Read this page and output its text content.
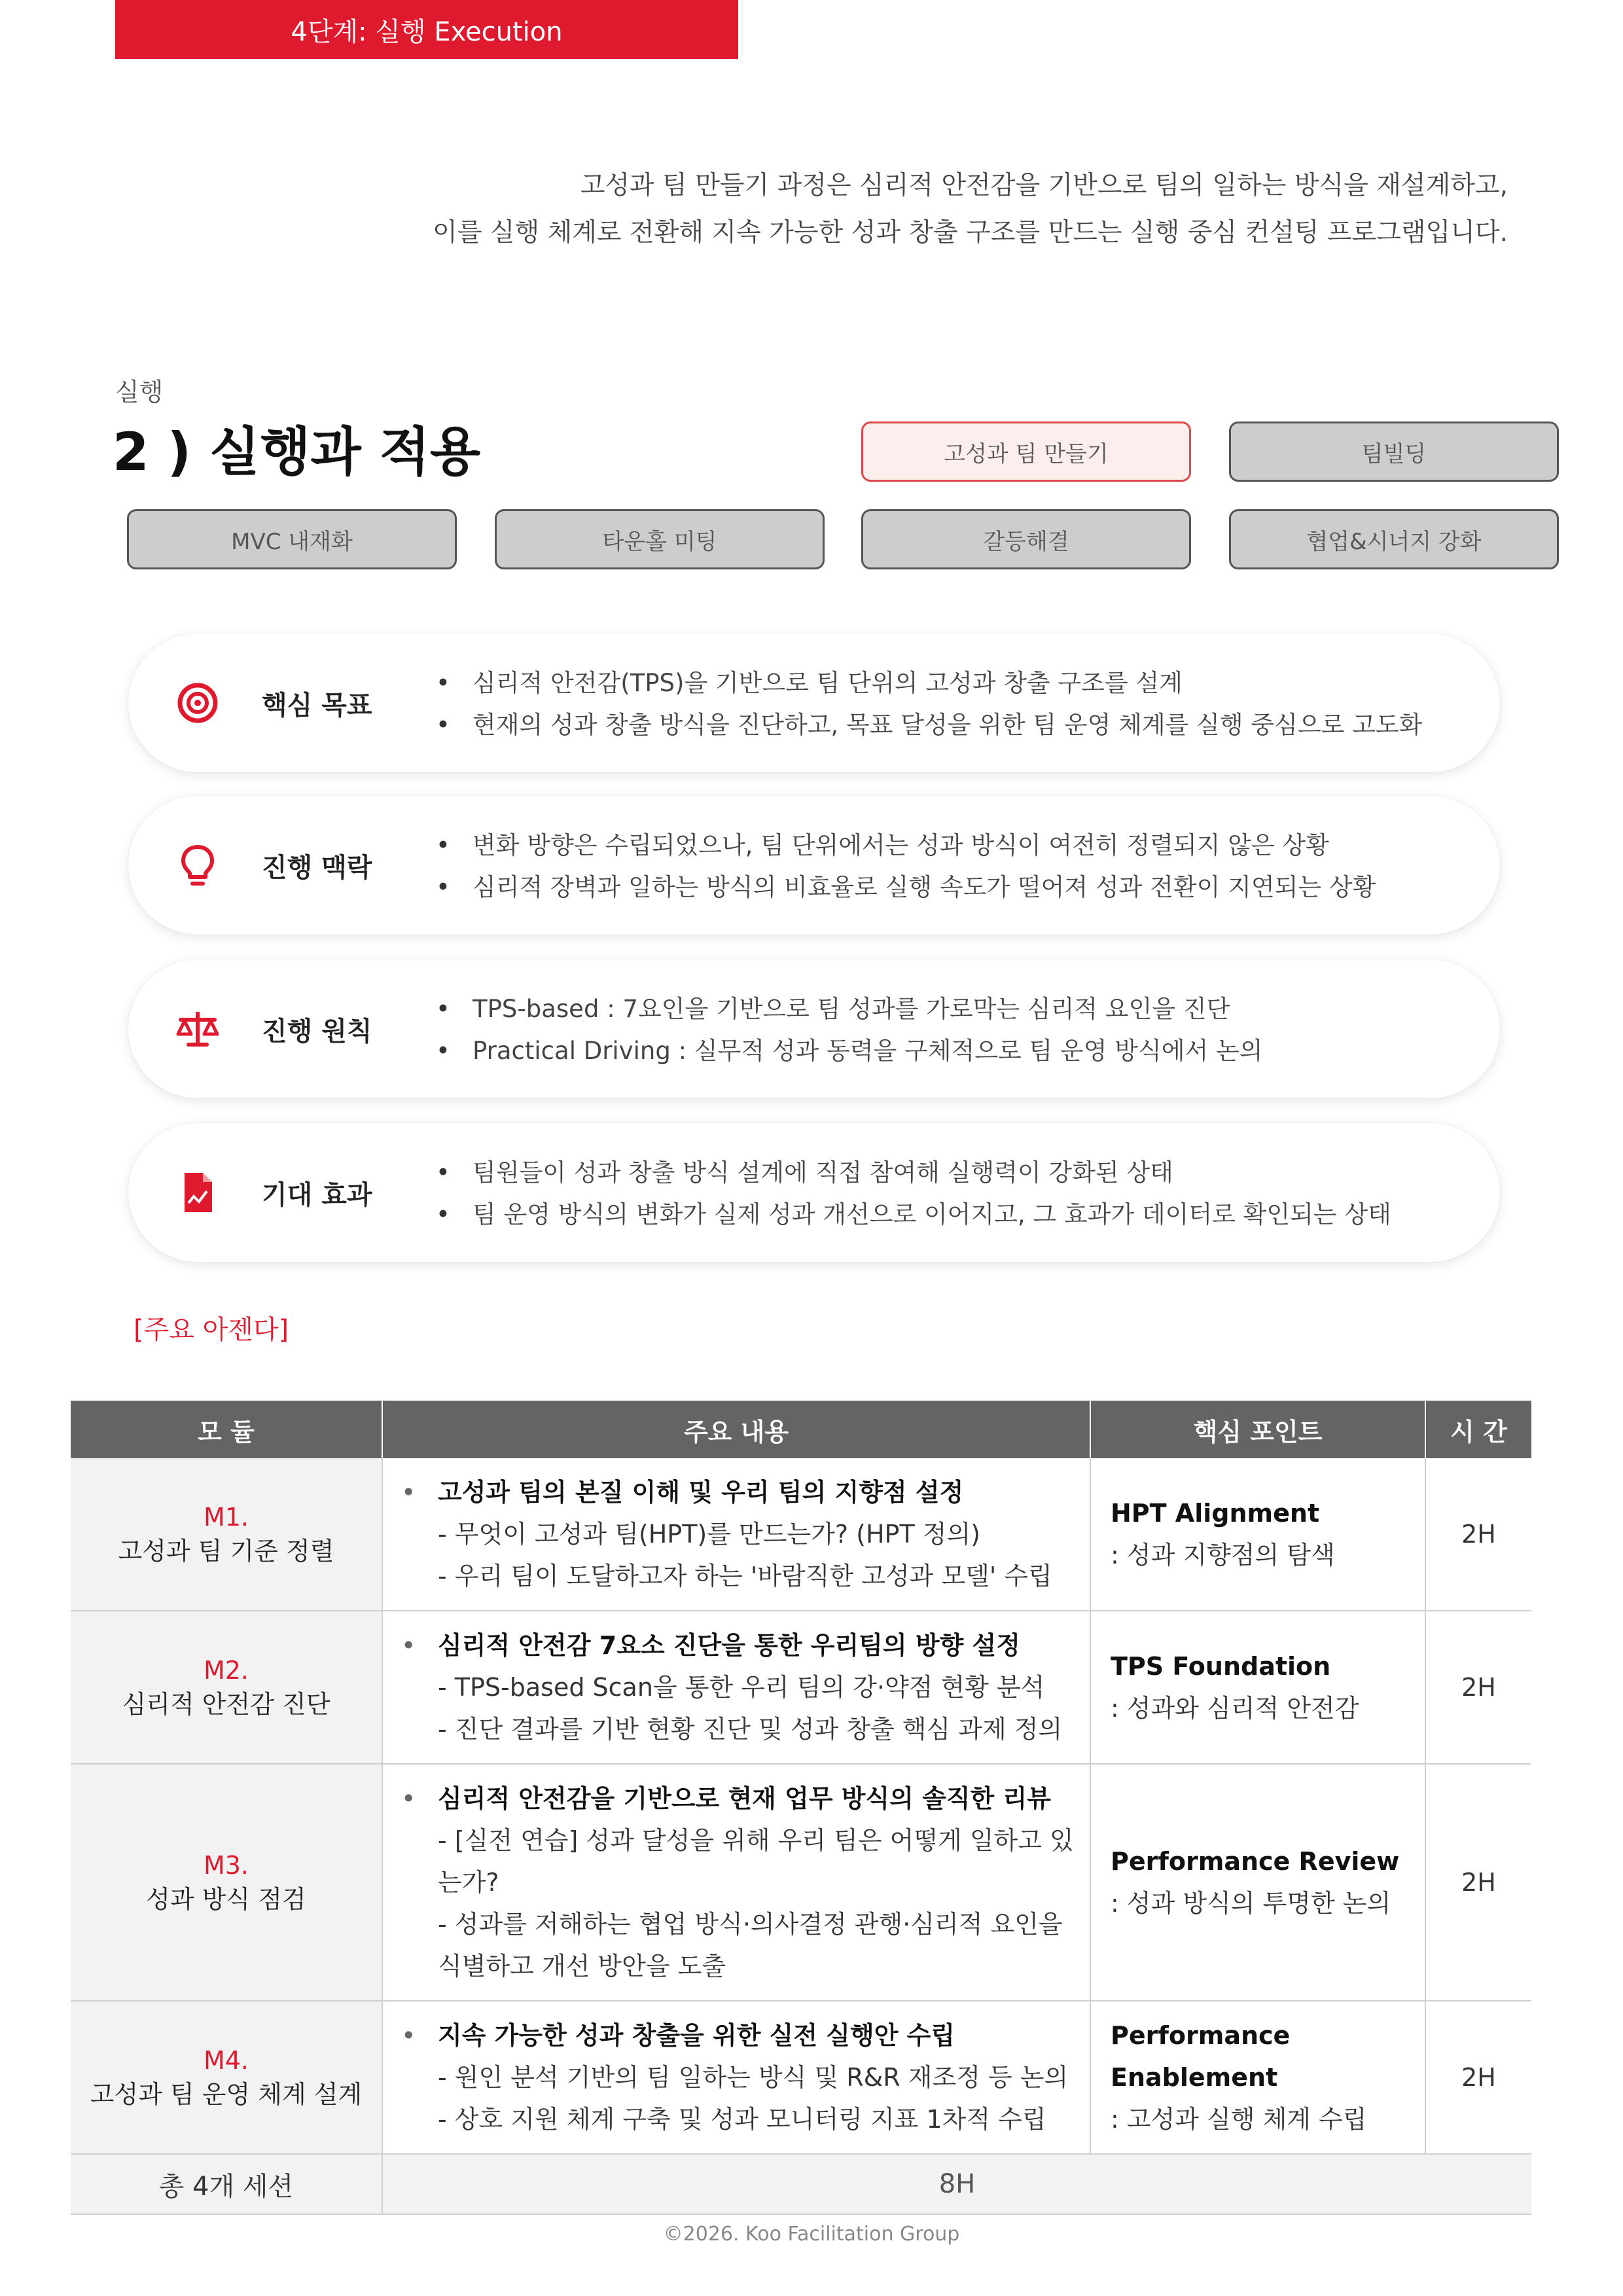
4단계: 실행 Execution
고성과 팀 만들기 과정은 심리적 안전감을 기반으로 팀의 일하는 방식을 재설계하고,
이를 실행 체계로 전환해 지속 가능한 성과 창출 구조를 만드는 실행 중심 컨설팅 프로그램입니다.
실행
2 ) 실행과 적용	고성과 팀 만들기	팀빌딩
MVC 내재화	타운홀 미팅	갈등해결	협업&시너지 강화
핵심 목표
• 심리적 안전감(TPS)을 기반으로 팀 단위의 고성과 창출 구조를 설계
• 현재의 성과 창출 방식을 진단하고, 목표 달성을 위한 팀 운영 체계를 실행 중심으로 고도화
진행 맥락
• 변화 방향은 수립되었으나, 팀 단위에서는 성과 방식이 여전히 정렬되지 않은 상황
• 심리적 장벽과 일하는 방식의 비효율로 실행 속도가 떨어져 성과 전환이 지연되는 상황
진행 원칙
• TPS-based : 7요인을 기반으로 팀 성과를 가로막는 심리적 요인을 진단
• Practical Driving : 실무적 성과 동력을 구체적으로 팀 운영 방식에서 논의
기대 효과
• 팀원들이 성과 창출 방식 설계에 직접 참여해 실행력이 강화된 상태
• 팀 운영 방식의 변화가 실제 성과 개선으로 이어지고, 그 효과가 데이터로 확인되는 상태
[주요 아젠다]
모 듈	주요 내용	핵심 포인트	시 간

M1.
고성과 팀 기준 정렬	• 고성과 팀의 본질 이해 및 우리 팀의 지향점 설정
- 무엇이 고성과 팀(HPT)를 만드는가? (HPT 정의)
- 우리 팀이 도달하고자 하는 '바람직한 고성과 모델' 수립	HPT Alignment
: 성과 지향점의 탐색	2H

M2.
심리적 안전감 진단	• 심리적 안전감 7요소 진단을 통한 우리팀의 방향 설정
- TPS-based Scan을 통한 우리 팀의 강·약점 현황 분석
- 진단 결과를 기반 현황 진단 및 성과 창출 핵심 과제 정의	TPS Foundation
: 성과와 심리적 안전감	2H

M3.
성과 방식 점검	• 심리적 안전감을 기반으로 현재 업무 방식의 솔직한 리뷰
- [실전 연습] 성과 달성을 위해 우리 팀은 어떻게 일하고 있는가?
- 성과를 저해하는 협업 방식·의사결정 관행·심리적 요인을
식별하고 개선 방안을 도출	Performance Review
: 성과 방식의 투명한 논의	2H

M4.
고성과 팀 운영 체계 설계	• 지속 가능한 성과 창출을 위한 실전 실행안 수립
- 원인 분석 기반의 팀 일하는 방식 및 R&R 재조정 등 논의
- 상호 지원 체계 구축 및 성과 모니터링 지표 1차적 수립	Performance Enablement
: 고성과 실행 체계 수립	2H
총 4개 세션	8H		
©2026. Koo Facilitation Group
